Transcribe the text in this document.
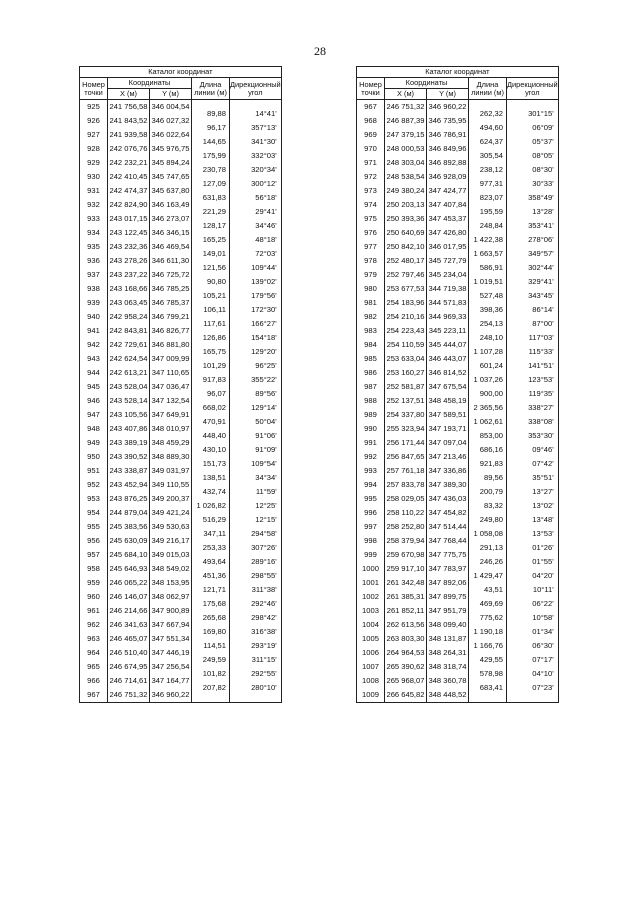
28
Каталог координат				
Номер точки	Координаты		Длина линии (м)	Дирекционный угол
	X (м)	Y (м)		
925	241 756,58	346 004,54		
926	241 843,52	346 027,32	89,88	14°41'
927	241 939,58	346 022,64	96,17	357°13'
928	242 076,76	345 976,75	144,65	341°30'
929	242 232,21	345 894,24	175,99	332°03'
930	242 410,45	345 747,65	230,78	320°34'
931	242 474,37	345 637,80	127,09	300°12'
932	242 824,90	346 163,49	631,83	56°18'
933	243 017,15	346 273,07	221,29	29°41'
934	243 122,45	346 346,15	128,17	34°46'
935	243 232,36	346 469,54	165,25	48°18'
936	243 278,26	346 611,30	149,01	72°03'
937	243 237,22	346 725,72	121,56	109°44'
938	243 168,66	346 785,25	90,80	139°02'
939	243 063,45	346 785,37	105,21	179°56'
940	242 958,24	346 799,21	106,11	172°30'
941	242 843,81	346 826,77	117,61	166°27'
942	242 729,61	346 881,80	126,86	154°18'
943	242 624,54	347 009,99	165,75	129°20'
944	242 613,21	347 110,65	101,29	96°25'
945	243 528,04	347 036,47	917,83	355°22'
946	243 528,14	347 132,54	96,07	89°56'
947	243 105,56	347 649,91	668,02	129°14'
948	243 407,86	348 010,97	470,91	50°04'
949	243 389,19	348 459,29	448,40	91°06'
950	243 390,52	348 889,30	430,10	91°09'
951	243 338,87	349 031,97	151,73	109°54'
952	243 452,94	349 110,55	138,51	34°34'
953	243 876,25	349 200,37	432,74	11°59'
954	244 879,04	349 421,24	1 026,82	12°25'
955	245 383,56	349 530,63	516,29	12°15'
956	245 630,09	349 216,17	347,11	294°58'
957	245 684,10	349 015,03	253,33	307°26'
958	245 646,93	348 549,02	493,64	289°16'
959	246 065,22	348 153,95	451,36	298°55'
960	246 146,07	348 062,97	121,71	311°38'
961	246 214,66	347 900,89	175,68	292°46'
962	246 341,63	347 667,94	265,68	298°42'
963	246 465,07	347 551,34	169,80	316°38'
964	246 510,40	347 446,19	114,51	293°19'
965	246 674,95	347 256,54	249,59	311°15'
966	246 714,61	347 164,77	101,82	292°55'
967	246 751,32	346 960,22	207,82	280°10'
Каталог координат				
Номер точки	Координаты		Длина линии (м)	Дирекционный угол
	X (м)	Y (м)		
967	246 751,32	346 960,22		
968	246 887,39	346 735,95	262,32	301°15'
969	247 379,15	346 786,91	494,60	06°09'
970	248 000,53	346 849,96	624,37	05°37'
971	248 303,04	346 892,88	305,54	08°05'
972	248 538,54	346 928,09	238,12	08°30'
973	249 380,24	347 424,77	977,31	30°33'
974	250 203,13	347 407,84	823,07	358°49'
975	250 393,36	347 453,37	195,59	13°28'
976	250 640,69	347 426,80	248,84	353°41'
977	250 842,10	346 017,95	1 422,38	278°06'
978	252 480,17	345 727,79	1 663,57	349°57'
979	252 797,46	345 234,04	586,91	302°44'
980	253 677,53	344 719,38	1 019,51	329°41'
981	254 183,96	344 571,83	527,48	343°45'
982	254 210,16	344 969,33	398,36	86°14'
983	254 223,43	345 223,11	254,13	87°00'
984	254 110,59	345 444,07	248,10	117°03'
985	253 633,04	346 443,07	1 107,28	115°33'
986	253 160,27	346 814,52	601,24	141°51'
987	252 581,87	347 675,54	1 037,26	123°53'
988	252 137,51	348 458,19	900,00	119°35'
989	254 337,80	347 589,51	2 365,56	338°27'
990	255 323,94	347 193,71	1 062,61	338°08'
991	256 171,44	347 097,04	853,00	353°30'
992	256 847,65	347 213,46	686,16	09°46'
993	257 761,18	347 336,86	921,83	07°42'
994	257 833,78	347 389,30	89,56	35°51'
995	258 029,05	347 436,03	200,79	13°27'
996	258 110,22	347 454,82	83,32	13°02'
997	258 252,80	347 514,44	249,80	13°48'
998	258 379,94	347 768,44	1 058,08	13°53'
999	259 670,98	347 775,75	291,13	01°26'
1000	259 917,10	347 783,97	246,26	01°55'
1001	261 342,48	347 892,06	1 429,47	04°20'
1002	261 385,31	347 899,75	43,51	10°11'
1003	261 852,11	347 951,79	469,69	06°22'
1004	262 613,56	348 099,40	775,62	10°58'
1005	263 803,30	348 131,87	1 190,18	01°34'
1006	264 964,53	348 264,31	1 166,76	06°30'
1007	265 390,62	348 318,74	429,55	07°17'
1008	265 968,07	348 360,78	578,98	04°10'
1009	266 645,82	348 448,52	683,41	07°23'
